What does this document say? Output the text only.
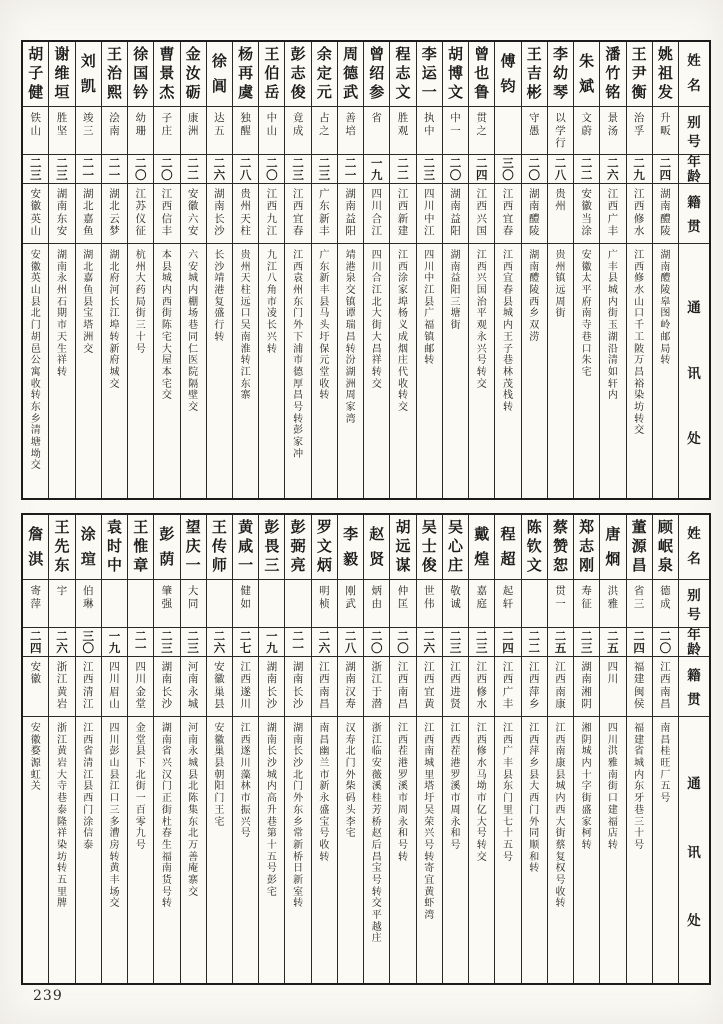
姓
名
别
号
年
龄
籍
贯
通
讯
处
姚
祖
发
升
畈
二
四
湖
南
醴
陵
湖
南
醴
陵
皋
图
岭
邮
局
转
王
尹
衡
治
孚
二
九
江
西
修
水
江
西
修
水
山
口
千
工
陂
万
昌
裕
染
坊
转
交
潘
竹
铭
景
汤
二
六
江
西
广
丰
广
丰
县
城
内
街
玉
湖
沿
清
如
轩
内
朱
斌
文
蔚
二
二
安
徽
当
涂
安
徽
太
平
府
南
寺
巷
口
朱
宅
李
幼
琴
以
学
行
二
八
贵
州
贵
州
镇
远
周
街
王
吉
彬
守
愚
二
〇
湖
南
醴
陵
湖
南
醴
陵
西
乡
双
涝
傅
钧
三
〇
江
西
宜
春
江
西
宜
春
县
城
内
王
子
巷
林
茂
栈
转
曾
也
鲁
贯
之
二
四
江
西
兴
国
江
西
兴
国
治
平
观
永
兴
号
转
交
胡
博
文
中
一
二
〇
湖
南
益
阳
湖
南
益
阳
三
塘
街
李
运
一
执
中
二
三
四
川
中
江
四
川
中
江
县
广
福
镇
邮
转
程
志
文
胜
观
二
二
江
西
新
建
江
西
涂
家
埠
杨
义
成
烟
庄
代
收
转
交
曾
绍
参
省
一
九
四
川
合
江
四
川
合
江
北
大
街
大
昌
祥
转
交
周
德
武
善
培
二
一
湖
南
益
阳
靖
港
泉
交
镇
谭
瑞
昌
转
汾
湖
洲
周
家
湾
余
定
元
占
之
二
三
广
东
新
丰
广
东
新
丰
县
马
头
圩
保
元
堂
收
转
彭
志
俊
竟
成
二
三
江
西
宜
春
江
西
袁
州
东
门
外
下
浦
市
德
厚
昌
号
转
彭
家
冲
王
伯
岳
中
山
二
〇
江
西
九
江
九
江
八
角
市
凌
长
兴
转
杨
再
虞
独
醒
二
八
贵
州
天
柱
贵
州
天
柱
远
口
吴
南
淮
转
江
东
寨
徐
阊
达
五
二
六
湖
南
长
沙
长
沙
靖
港
复
盛
行
转
金
汝
砺
康
洲
二
二
安
徽
六
安
六
安
城
内
棚
场
巷
同
仁
医
院
隔
壁
交
曹
景
杰
子
庄
二
〇
江
西
信
丰
本
县
城
内
西
街
陈
宅
大
屋
本
宅
交
徐
国
钤
幼
珊
二
〇
江
苏
仪
征
杭
州
大
药
局
街
三
十
号
王
治
熙
浍
南
二
一
湖
北
云
梦
湖
北
府
河
长
江
埠
转
新
府
城
交
刘
凯
竣
三
二
一
湖
北
嘉
鱼
湖
北
嘉
鱼
县
宝
塔
洲
交
谢
维
垣
胜
坚
二
三
湖
南
东
安
湖
南
永
州
石
期
市
天
生
祥
转
胡
子
健
铁
山
二
三
安
徽
英
山
安
徽
英
山
县
北
门
胡
邑
公
寓
收
转
东
乡
清
塘
坳
交
姓
名
别
号
年
龄
籍
贯
通
讯
处
顾
岷
泉
德
成
二
〇
江
西
南
昌
南
昌
桂
旺
厂
五
号
董
源
昌
省
三
二
四
福
建
闽
侯
福
建
省
城
内
东
牙
巷
三
十
号
唐
烱
洪
雅
二
五
四
川
四
川
洪
雅
南
街
口
建
福
店
转
郑
志
刚
寿
征
二
三
湖
南
湘
阴
湘
阴
城
内
十
字
街
盛
家
柯
转
蔡
赞
恕
贯
一
二
五
江
西
南
康
江
西
南
康
县
城
内
西
大
街
蔡
复
权
号
收
转
陈
钦
文
二
二
江
西
萍
乡
江
西
萍
乡
县
大
西
门
外
同
顺
和
转
程
超
起
轩
二
四
江
西
广
丰
江
西
广
丰
县
东
门
里
七
十
五
号
戴
煌
嘉
庭
二
三
江
西
修
水
江
西
修
水
马
坳
市
亿
大
号
转
交
吴
心
庄
敬
诚
二
三
江
西
进
贤
江
西
茬
港
罗
溪
市
周
永
和
号
吴
士
俊
世
伟
二
六
江
西
宜
黄
江
西
南
城
里
塔
圩
吴
荣
兴
号
转
寄
宜
黄
虾
湾
胡
远
谋
仲
匡
二
〇
江
西
南
昌
江
西
茬
港
罗
溪
市
周
永
和
号
转
赵
贤
炳
由
二
〇
浙
江
于
潜
浙
江
临
安
薇
溪
桂
芳
桥
赵
后
昌
宝
号
转
交
平
越
庄
李
毅
刚
武
二
八
湖
南
汉
寿
汉
寿
北
门
外
柴
码
头
李
宅
罗
文
炳
明
桢
二
六
江
西
南
昌
南
昌
幽
兰
市
新
永
盛
宝
号
收
转
彭
弼
亮
二
一
湖
南
长
沙
湖
南
长
沙
北
门
外
东
乡
常
新
桥
日
新
室
转
彭
畏
三
一
九
湖
南
长
沙
湖
南
长
沙
城
内
高
升
巷
第
十
五
号
彭
宅
黄
咸
一
健
如
二
七
江
西
遂
川
江
西
遂
川
藻
林
市
振
兴
号
王
传
师
二
六
安
徽
巢
县
安
徽
巢
县
朝
阳
门
王
宅
望
庆
一
大
同
二
三
河
南
永
城
河
南
永
城
县
北
陈
集
东
北
万
善
庵
寨
交
彭
荫
肇
强
二
三
湖
南
长
沙
湖
南
省
兴
汉
门
正
街
杜
春
生
福
南
货
号
转
王
惟
章
二
一
四
川
金
堂
金
堂
县
下
北
街
一
百
零
九
号
袁
时
中
一
九
四
川
眉
山
四
川
彭
山
县
江
口
三
多
漕
房
转
黄
丰
场
交
涂
瑄
伯
琳
三
〇
江
西
清
江
江
西
省
清
江
县
西
门
涂
信
泰
王
先
东
宇
二
六
浙
江
黄
岩
浙
江
黄
岩
大
寺
巷
泰
隆
祥
染
坊
转
五
里
牌
詹
淇
寄
萍
二
四
安
徽
安
徽
婺
源
虹
关
239
